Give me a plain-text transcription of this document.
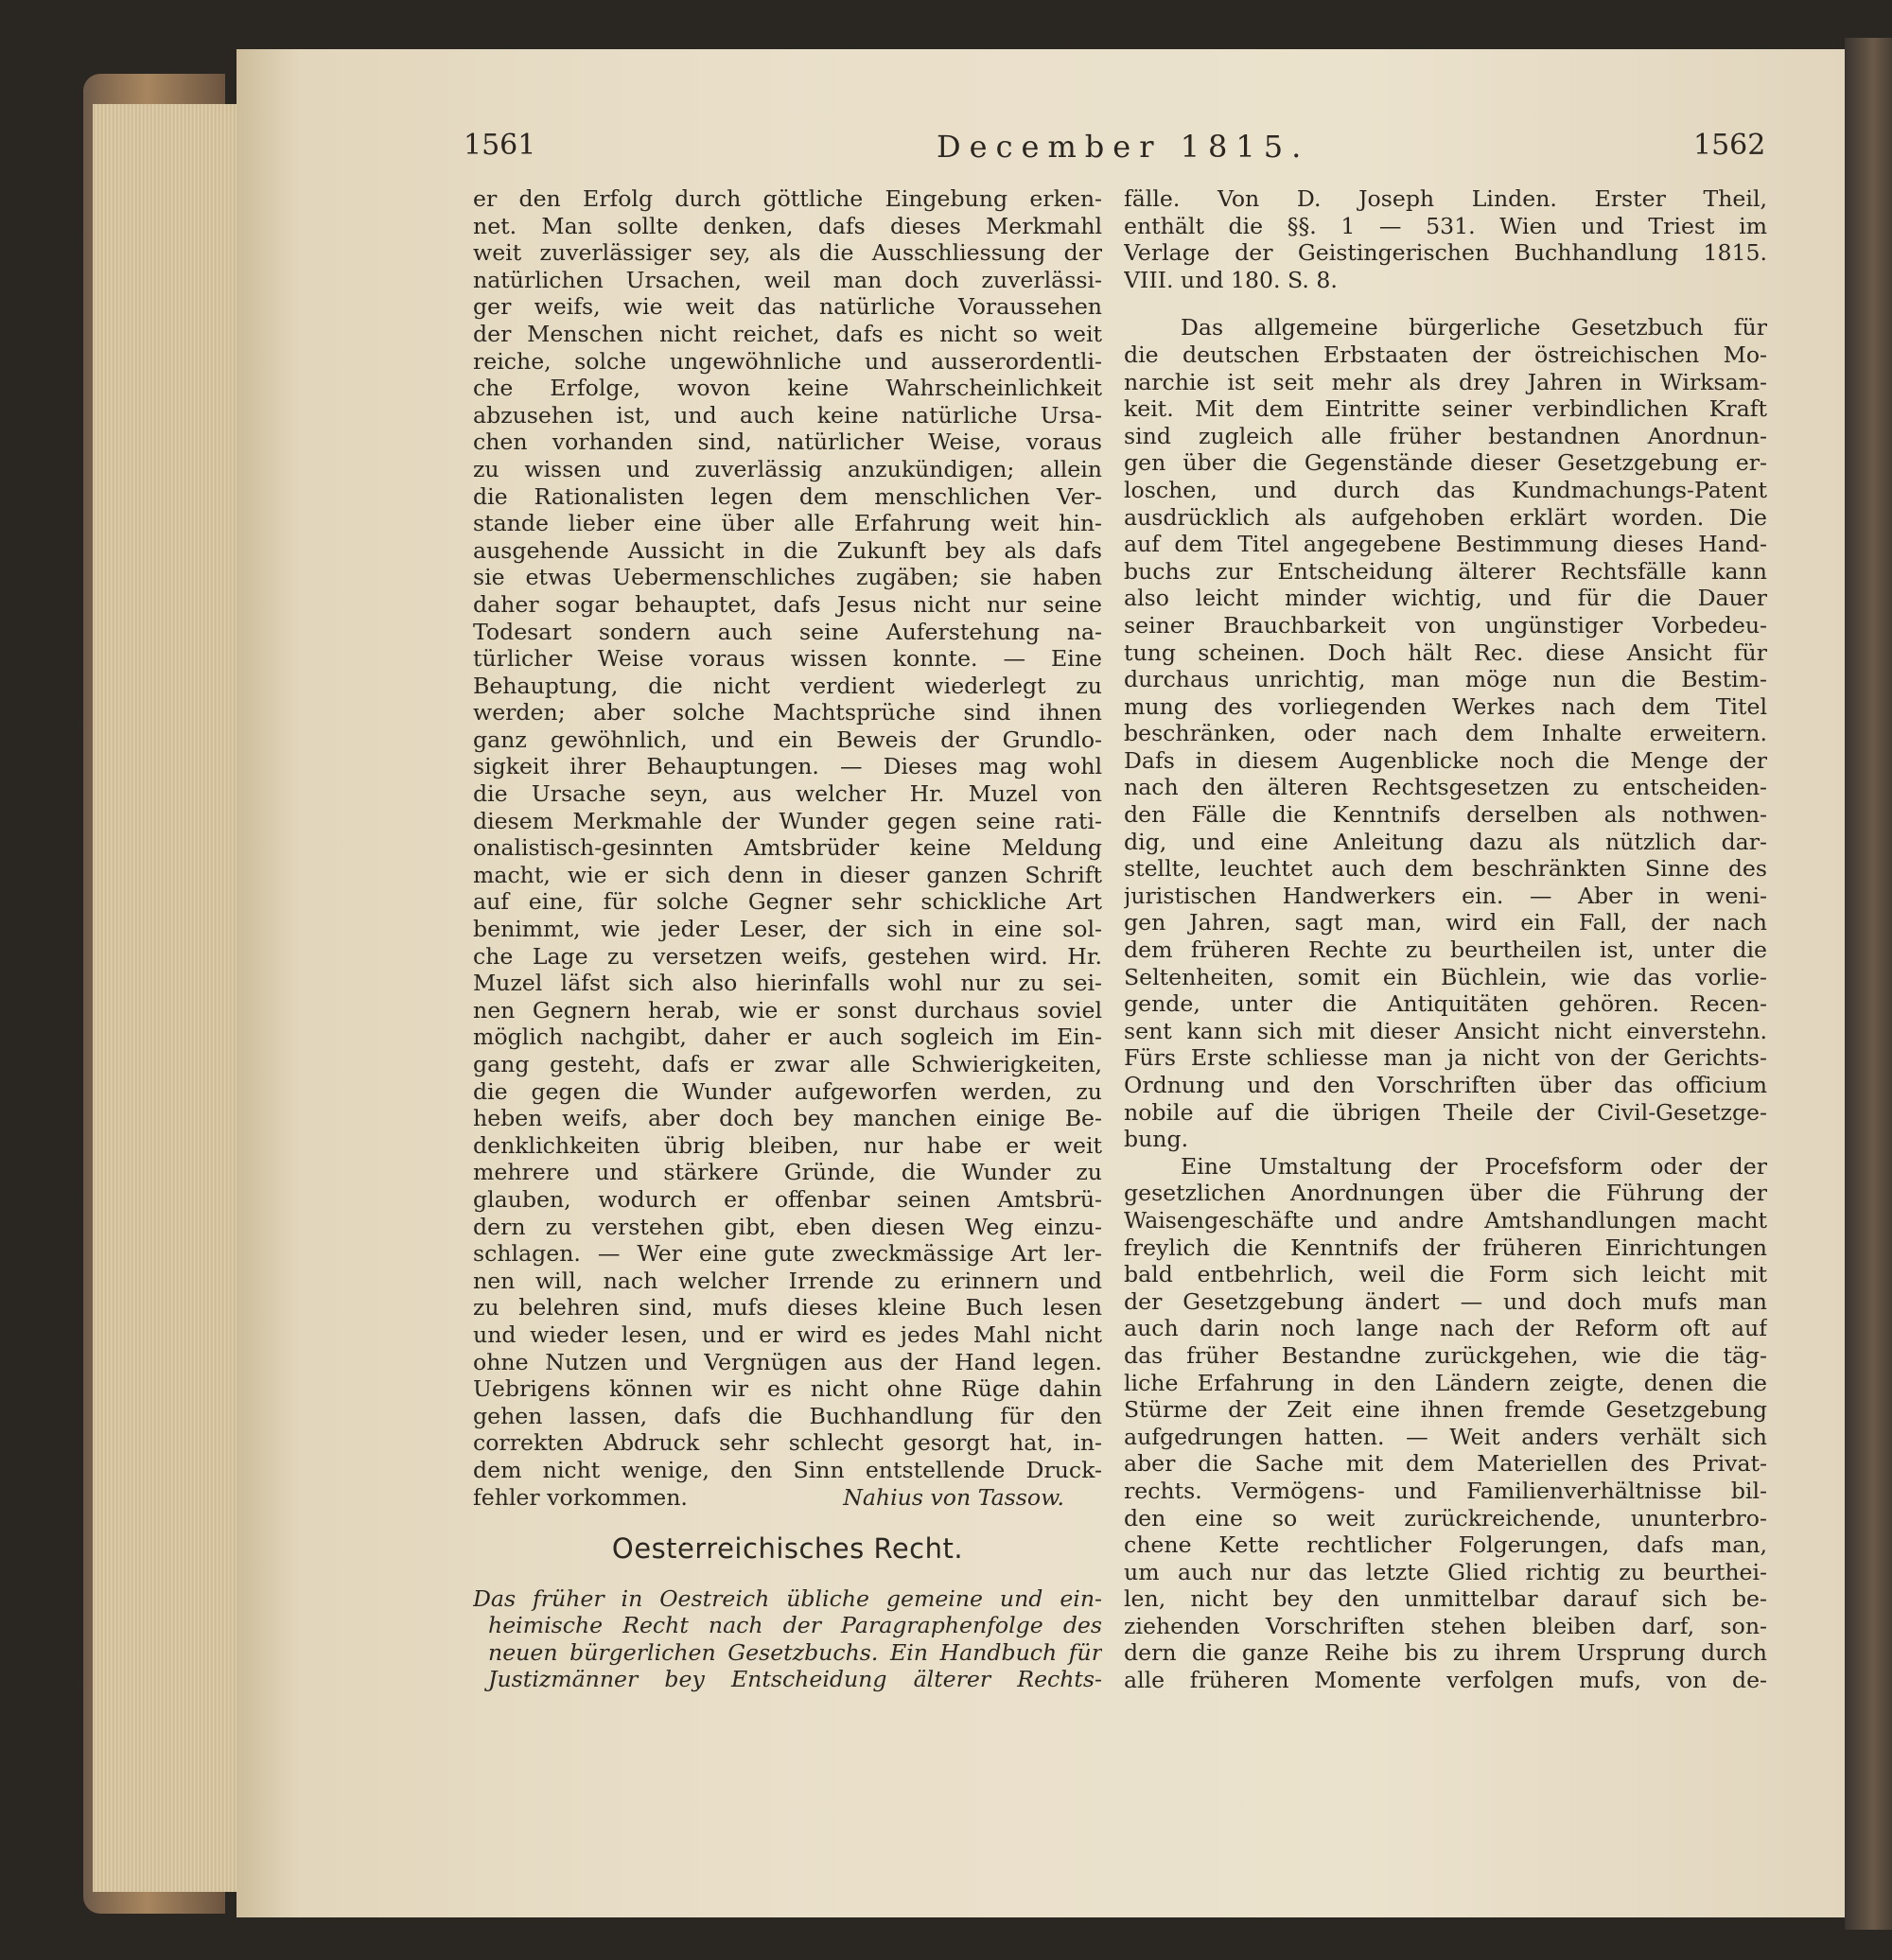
1561	December 1815.	1562
er den Erfolg durch göttliche Eingebung erken-
net. Man sollte denken, dafs dieses Merkmahl
weit zuverlässiger sey, als die Ausschliessung der
natürlichen Ursachen, weil man doch zuverlässi-
ger weifs, wie weit das natürliche Voraussehen
der Menschen nicht reichet, dafs es nicht so weit
reiche, solche ungewöhnliche und ausserordentli-
che Erfolge, wovon keine Wahrscheinlichkeit
abzusehen ist, und auch keine natürliche Ursa-
chen vorhanden sind, natürlicher Weise, voraus
zu wissen und zuverlässig anzukündigen; allein
die Rationalisten legen dem menschlichen Ver-
stande lieber eine über alle Erfahrung weit hin-
ausgehende Aussicht in die Zukunft bey als dafs
sie etwas Uebermenschliches zugäben; sie haben
daher sogar behauptet, dafs Jesus nicht nur seine
Todesart sondern auch seine Auferstehung na-
türlicher Weise voraus wissen konnte. — Eine
Behauptung, die nicht verdient wiederlegt zu
werden; aber solche Machtsprüche sind ihnen
ganz gewöhnlich, und ein Beweis der Grundlo-
sigkeit ihrer Behauptungen. — Dieses mag wohl
die Ursache seyn, aus welcher Hr. Muzel von
diesem Merkmahle der Wunder gegen seine rati-
onalistisch-gesinnten Amtsbrüder keine Meldung
macht, wie er sich denn in dieser ganzen Schrift
auf eine, für solche Gegner sehr schickliche Art
benimmt, wie jeder Leser, der sich in eine sol-
che Lage zu versetzen weifs, gestehen wird. Hr.
Muzel läfst sich also hierinfalls wohl nur zu sei-
nen Gegnern herab, wie er sonst durchaus soviel
möglich nachgibt, daher er auch sogleich im Ein-
gang gesteht, dafs er zwar alle Schwierigkeiten,
die gegen die Wunder aufgeworfen werden, zu
heben weifs, aber doch bey manchen einige Be-
denklichkeiten übrig bleiben, nur habe er weit
mehrere und stärkere Gründe, die Wunder zu
glauben, wodurch er offenbar seinen Amtsbrü-
dern zu verstehen gibt, eben diesen Weg einzu-
schlagen. — Wer eine gute zweckmässige Art ler-
nen will, nach welcher Irrende zu erinnern und
zu belehren sind, mufs dieses kleine Buch lesen
und wieder lesen, und er wird es jedes Mahl nicht
ohne Nutzen und Vergnügen aus der Hand legen.
Uebrigens können wir es nicht ohne Rüge dahin
gehen lassen, dafs die Buchhandlung für den
correkten Abdruck sehr schlecht gesorgt hat, in-
dem nicht wenige, den Sinn entstellende Druck-
fehler vorkommen.	Nahius von Tassow.
Oesterreichisches Recht.
Das früher in Oestreich übliche gemeine und ein-
heimische Recht nach der Paragraphenfolge des
neuen bürgerlichen Gesetzbuchs. Ein Handbuch für
Justizmänner bey Entscheidung älterer Rechts-
fälle. Von D. Joseph Linden. Erster Theil,
enthält die §§. 1 — 531. Wien und Triest im
Verlage der Geistingerischen Buchhandlung 1815.
VIII. und 180. S. 8.
Das allgemeine bürgerliche Gesetzbuch für
die deutschen Erbstaaten der östreichischen Mo-
narchie ist seit mehr als drey Jahren in Wirksam-
keit. Mit dem Eintritte seiner verbindlichen Kraft
sind zugleich alle früher bestandnen Anordnun-
gen über die Gegenstände dieser Gesetzgebung er-
loschen, und durch das Kundmachungs-Patent
ausdrücklich als aufgehoben erklärt worden. Die
auf dem Titel angegebene Bestimmung dieses Hand-
buchs zur Entscheidung älterer Rechtsfälle kann
also leicht minder wichtig, und für die Dauer
seiner Brauchbarkeit von ungünstiger Vorbedeu-
tung scheinen. Doch hält Rec. diese Ansicht für
durchaus unrichtig, man möge nun die Bestim-
mung des vorliegenden Werkes nach dem Titel
beschränken, oder nach dem Inhalte erweitern.
Dafs in diesem Augenblicke noch die Menge der
nach den älteren Rechtsgesetzen zu entscheiden-
den Fälle die Kenntnifs derselben als nothwen-
dig, und eine Anleitung dazu als nützlich dar-
stellte, leuchtet auch dem beschränkten Sinne des
juristischen Handwerkers ein. — Aber in weni-
gen Jahren, sagt man, wird ein Fall, der nach
dem früheren Rechte zu beurtheilen ist, unter die
Seltenheiten, somit ein Büchlein, wie das vorlie-
gende, unter die Antiquitäten gehören. Recen-
sent kann sich mit dieser Ansicht nicht einverstehn.
Fürs Erste schliesse man ja nicht von der Gerichts-
Ordnung und den Vorschriften über das officium
nobile auf die übrigen Theile der Civil-Gesetzge-
bung.
Eine Umstaltung der Procefsform oder der
gesetzlichen Anordnungen über die Führung der
Waisengeschäfte und andre Amtshandlungen macht
freylich die Kenntnifs der früheren Einrichtungen
bald entbehrlich, weil die Form sich leicht mit
der Gesetzgebung ändert — und doch mufs man
auch darin noch lange nach der Reform oft auf
das früher Bestandne zurückgehen, wie die täg-
liche Erfahrung in den Ländern zeigte, denen die
Stürme der Zeit eine ihnen fremde Gesetzgebung
aufgedrungen hatten. — Weit anders verhält sich
aber die Sache mit dem Materiellen des Privat-
rechts. Vermögens- und Familienverhältnisse bil-
den eine so weit zurückreichende, ununterbro-
chene Kette rechtlicher Folgerungen, dafs man,
um auch nur das letzte Glied richtig zu beurthei-
len, nicht bey den unmittelbar darauf sich be-
ziehenden Vorschriften stehen bleiben darf, son-
dern die ganze Reihe bis zu ihrem Ursprung durch
alle früheren Momente verfolgen mufs, von de-
